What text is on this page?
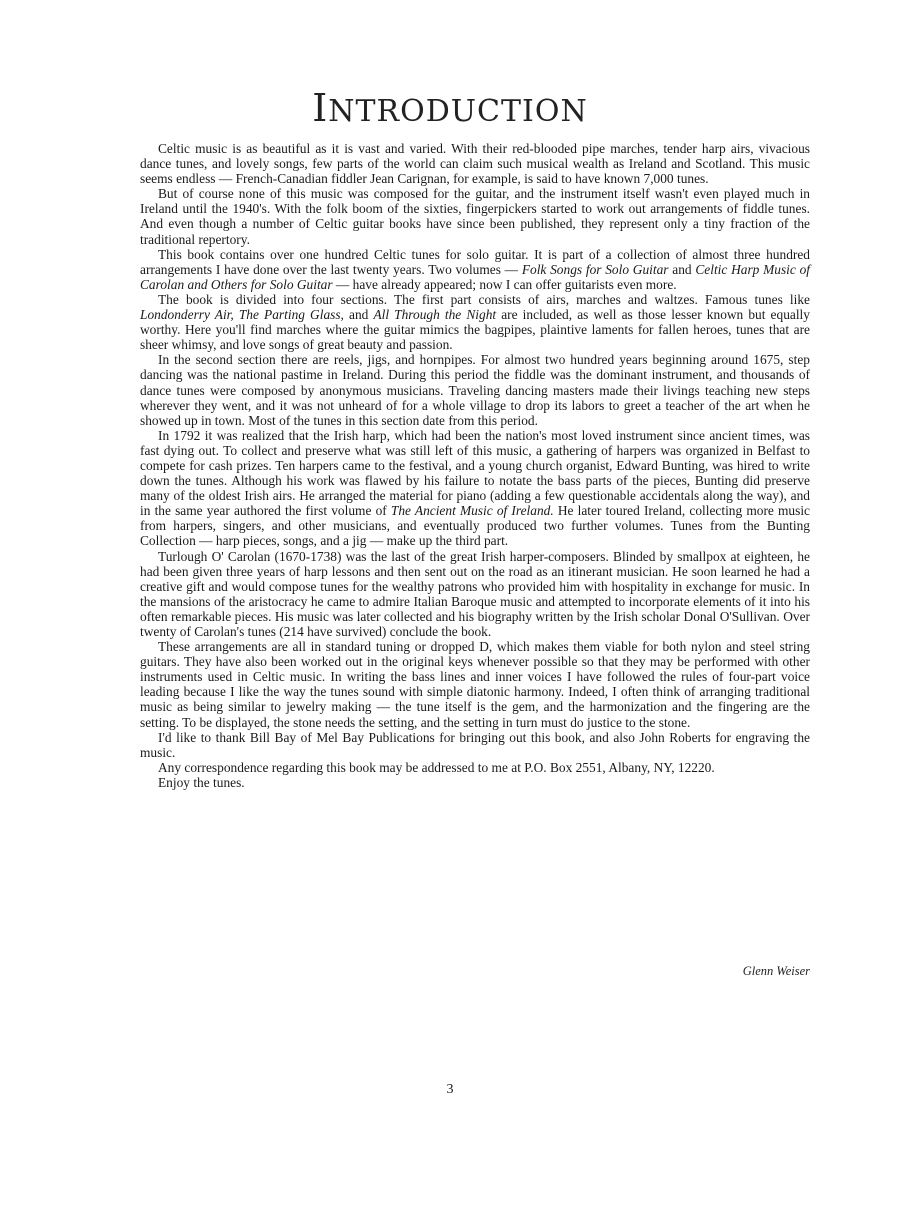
INTRODUCTION

Celtic music is as beautiful as it is vast and varied. With their red-blooded pipe marches, tender harp airs, vivacious dance tunes, and lovely songs, few parts of the world can claim such musical wealth as Ireland and Scotland. This music seems endless — French-Canadian fiddler Jean Carignan, for example, is said to have known 7,000 tunes.

But of course none of this music was composed for the guitar, and the instrument itself wasn't even played much in Ireland until the 1940's. With the folk boom of the sixties, fingerpickers started to work out arrangements of fiddle tunes. And even though a number of Celtic guitar books have since been published, they represent only a tiny fraction of the traditional repertory.

This book contains over one hundred Celtic tunes for solo guitar. It is part of a collection of almost three hundred arrangements I have done over the last twenty years. Two volumes — Folk Songs for Solo Guitar and Celtic Harp Music of Carolan and Others for Solo Guitar — have already appeared; now I can offer guitarists even more.

The book is divided into four sections. The first part consists of airs, marches and waltzes. Famous tunes like Londonderry Air, The Parting Glass, and All Through the Night are included, as well as those lesser known but equally worthy. Here you'll find marches where the guitar mimics the bagpipes, plaintive laments for fallen heroes, tunes that are sheer whimsy, and love songs of great beauty and passion.

In the second section there are reels, jigs, and hornpipes. For almost two hundred years beginning around 1675, step dancing was the national pastime in Ireland. During this period the fiddle was the dominant instrument, and thousands of dance tunes were composed by anonymous musicians. Traveling dancing masters made their livings teaching new steps wherever they went, and it was not unheard of for a whole village to drop its labors to greet a teacher of the art when he showed up in town. Most of the tunes in this section date from this period.

In 1792 it was realized that the Irish harp, which had been the nation's most loved instrument since ancient times, was fast dying out. To collect and preserve what was still left of this music, a gathering of harpers was organized in Belfast to compete for cash prizes. Ten harpers came to the festival, and a young church organist, Edward Bunting, was hired to write down the tunes. Although his work was flawed by his failure to notate the bass parts of the pieces, Bunting did preserve many of the oldest Irish airs. He arranged the material for piano (adding a few questionable accidentals along the way), and in the same year authored the first volume of The Ancient Music of Ireland. He later toured Ireland, collecting more music from harpers, singers, and other musicians, and eventually produced two further volumes. Tunes from the Bunting Collection — harp pieces, songs, and a jig — make up the third part.

Turlough O' Carolan (1670-1738) was the last of the great Irish harper-composers. Blinded by smallpox at eighteen, he had been given three years of harp lessons and then sent out on the road as an itinerant musician. He soon learned he had a creative gift and would compose tunes for the wealthy patrons who provided him with hospitality in exchange for music. In the mansions of the aristocracy he came to admire Italian Baroque music and attempted to incorporate elements of it into his often remarkable pieces. His music was later collected and his biography written by the Irish scholar Donal O'Sullivan. Over twenty of Carolan's tunes (214 have survived) conclude the book.

These arrangements are all in standard tuning or dropped D, which makes them viable for both nylon and steel string guitars. They have also been worked out in the original keys whenever possible so that they may be performed with other instruments used in Celtic music. In writing the bass lines and inner voices I have followed the rules of four-part voice leading because I like the way the tunes sound with simple diatonic harmony. Indeed, I often think of arranging traditional music as being similar to jewelry making — the tune itself is the gem, and the harmonization and the fingering are the setting. To be displayed, the stone needs the setting, and the setting in turn must do justice to the stone.

I'd like to thank Bill Bay of Mel Bay Publications for bringing out this book, and also John Roberts for engraving the music.

Any correspondence regarding this book may be addressed to me at P.O. Box 2551, Albany, NY, 12220.

Enjoy the tunes.

Glenn Weiser
3
